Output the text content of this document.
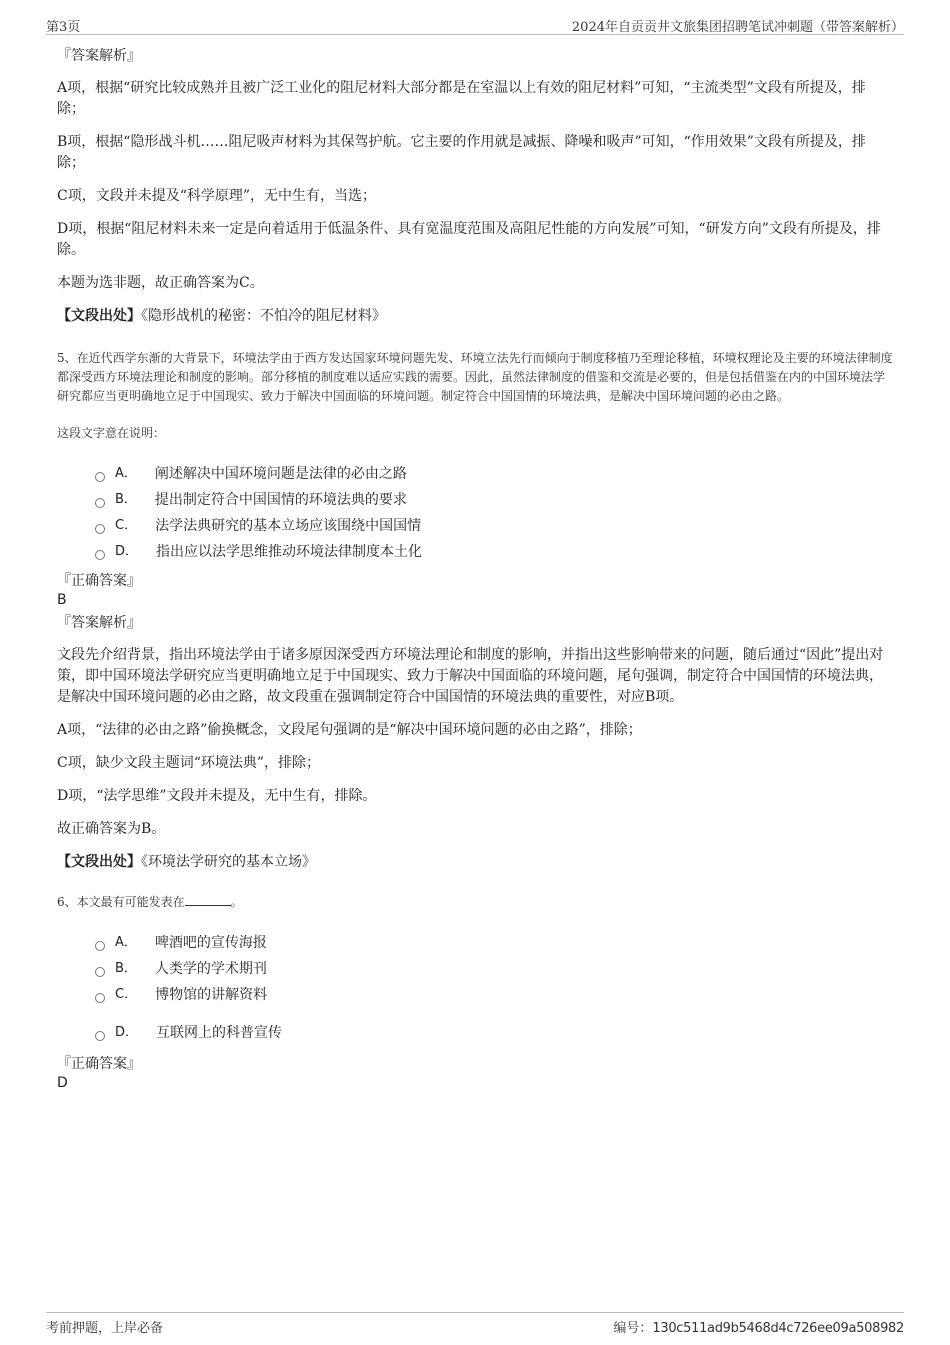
第3页	2024年自贡贡井文旅集团招聘笔试冲刺题（带答案解析）

『答案解析』

A项，根据“研究比较成熟并且被广泛工业化的阻尼材料大部分都是在室温以上有效的阻尼材料”可知，“主流类型”文段有所提及，排除；

B项，根据“隐形战斗机……阻尼吸声材料为其保驾护航。它主要的作用就是减振、降噪和吸声”可知，“作用效果”文段有所提及，排除；

C项，文段并未提及“科学原理”，无中生有，当选；

D项，根据“阻尼材料未来一定是向着适用于低温条件、具有宽温度范围及高阻尼性能的方向发展”可知，“研发方向”文段有所提及，排除。

本题为选非题，故正确答案为C。

【文段出处】《隐形战机的秘密：不怕冷的阻尼材料》

5、在近代西学东渐的大背景下，环境法学由于西方发达国家环境问题先发、环境立法先行而倾向于制度移植乃至理论移植，环境权理论及主要的环境法律制度都深受西方环境法理论和制度的影响。部分移植的制度难以适应实践的需要。因此，虽然法律制度的借鉴和交流是必要的，但是包括借鉴在内的中国环境法学研究都应当更明确地立足于中国现实、致力于解决中国面临的环境问题。制定符合中国国情的环境法典，是解决中国环境问题的必由之路。

这段文字意在说明：

A． 阐述解决中国环境问题是法律的必由之路
B． 提出制定符合中国国情的环境法典的要求
C． 法学法典研究的基本立场应该围绕中国国情
D． 指出应以法学思维推动环境法律制度本土化

『正确答案』

B

『答案解析』

文段先介绍背景，指出环境法学由于诸多原因深受西方环境法理论和制度的影响，并指出这些影响带来的问题，随后通过“因此”提出对策，即中国环境法学研究应当更明确地立足于中国现实、致力于解决中国面临的环境问题，尾句强调，制定符合中国国情的环境法典，是解决中国环境问题的必由之路，故文段重在强调制定符合中国国情的环境法典的重要性，对应B项。

A项，“法律的必由之路”偷换概念，文段尾句强调的是“解决中国环境问题的必由之路”，排除；

C项，缺少文段主题词“环境法典”，排除；

D项，“法学思维”文段并未提及，无中生有，排除。

故正确答案为B。

【文段出处】《环境法学研究的基本立场》

6、本文最有可能发表在	。

A． 啤酒吧的宣传海报
B． 人类学的学术期刊
C． 博物馆的讲解资料
D． 互联网上的科普宣传

『正确答案』

D

考前押题，上岸必备	编号：130c511ad9b5468d4c726ee09a508982
